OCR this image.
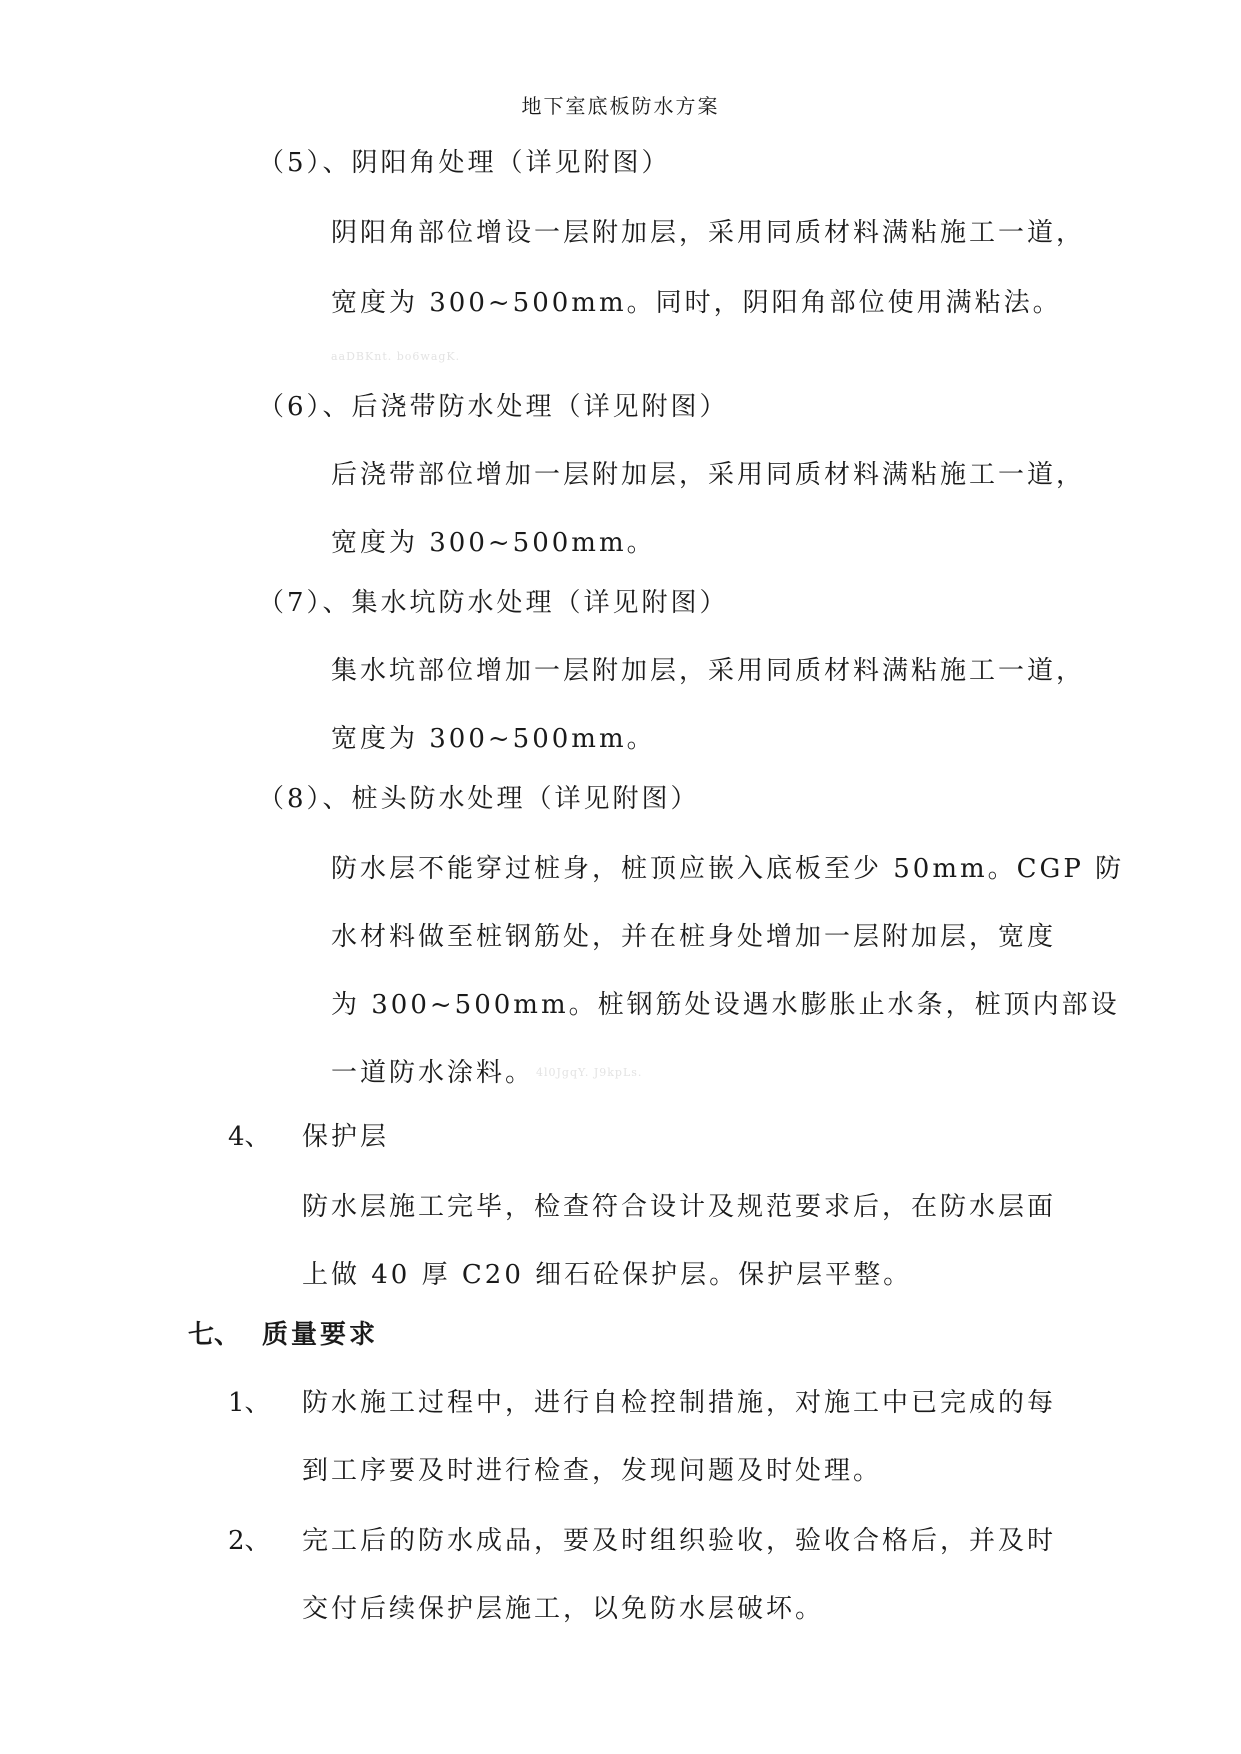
地下室底板防水方案
（5）、阴阳角处理（详见附图）
阴阳角部位增设一层附加层，采用同质材料满粘施工一道，
宽度为 300~500mm。同时，阴阳角部位使用满粘法。
aaDBKnt. bo6wagK.
（6）、后浇带防水处理（详见附图）
后浇带部位增加一层附加层，采用同质材料满粘施工一道，
宽度为 300~500mm。
（7）、集水坑防水处理（详见附图）
集水坑部位增加一层附加层，采用同质材料满粘施工一道，
宽度为 300~500mm。
（8）、桩头防水处理（详见附图）
防水层不能穿过桩身，桩顶应嵌入底板至少 50mm。CGP 防
水材料做至桩钢筋处，并在桩身处增加一层附加层，宽度
为 300~500mm。桩钢筋处设遇水膨胀止水条，桩顶内部设
一道防水涂料。 4l0JgqY. J9kpLs.
4、 保护层
防水层施工完毕，检查符合设计及规范要求后，在防水层面
上做 40 厚 C20 细石砼保护层。保护层平整。
七、 质量要求
1、 防水施工过程中，进行自检控制措施，对施工中已完成的每
到工序要及时进行检查，发现问题及时处理。
2、 完工后的防水成品，要及时组织验收，验收合格后，并及时
交付后续保护层施工，以免防水层破坏。
